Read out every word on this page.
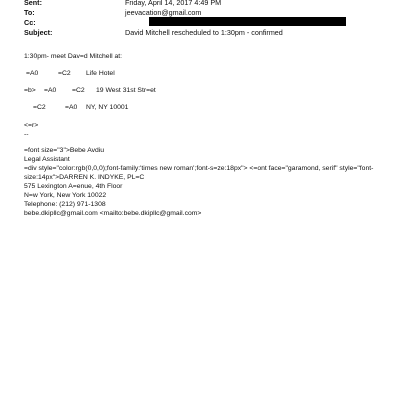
Sent:	Friday, April 14, 2017 4:49 PM
To:	jeevacation@gmail.com
Cc:
Subject:	David Mitchell rescheduled to 1:30pm - confirmed
1:30pm- meet Dav=d Mitchell at:
=A0	=C2 Life Hotel
=b> =A0 =C2 19 West 31st Str=et
=C2	=A0 NY, NY 10001
<=r>
--
=font size="3">Bebe Avdiu
Legal Assistant
=div style="color:rgb(0,0,0);font-family:'times new roman';font-s=ze:18px"> <=ont face="garamond, serif" style="font-
size:14px">DARREN K. INDYKE, PL=C
575 Lexington A=enue, 4th Floor
N=w York, New York 10022
Telephone: (212) 971-1308
bebe.dkipllc@gmail.com <mailto:bebe.dkipllc@gmail.com>
